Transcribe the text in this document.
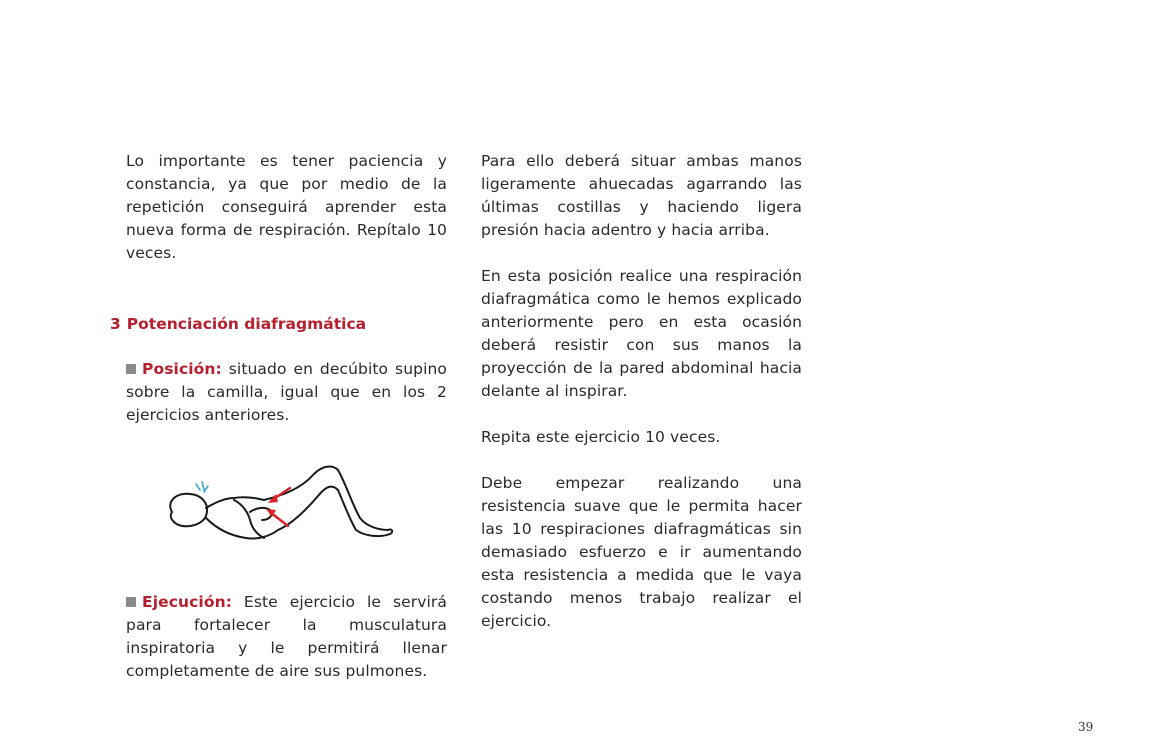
Lo importante es tener paciencia y constancia, ya que por medio de la repetición conseguirá aprender esta nueva forma de respiración. Repítalo 10 veces.

3 Potenciación diafragmática

Posición: situado en decúbito supino sobre la camilla, igual que en los 2 ejercicios anteriores.

Ejecución: Este ejercicio le servirá para fortalecer la musculatura inspiratoria y le permitirá llenar completamente de aire sus pulmones.

Para ello deberá situar ambas manos ligeramente ahuecadas agarrando las últimas costillas y haciendo ligera presión hacia adentro y hacia arriba.

En esta posición realice una respiración diafragmática como le hemos explicado anteriormente pero en esta ocasión deberá resistir con sus manos la proyección de la pared abdominal hacia delante al inspirar.

Repita este ejercicio 10 veces.

Debe empezar realizando una resistencia suave que le permita hacer las 10 respiraciones diafragmáticas sin demasiado esfuerzo e ir aumentando esta resistencia a medida que le vaya costando menos trabajo realizar el ejercicio.

39
